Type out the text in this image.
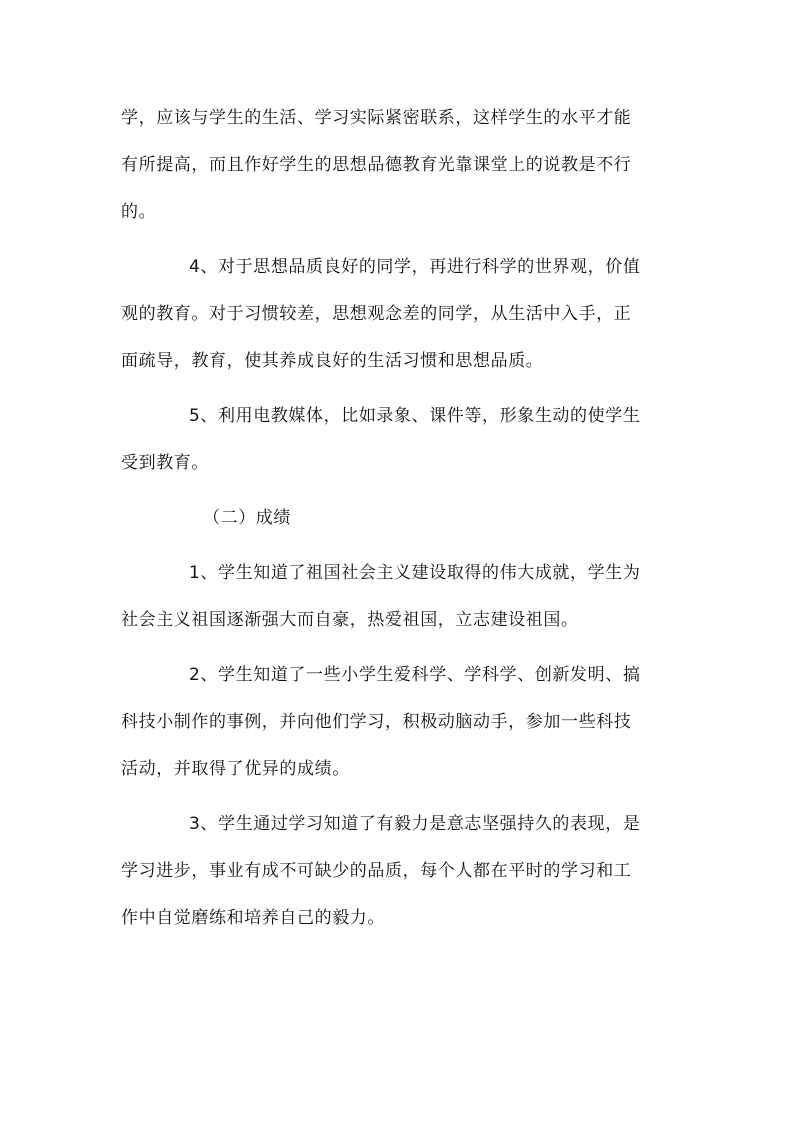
学，应该与学生的生活、学习实际紧密联系，这样学生的水平才能
有所提高，而且作好学生的思想品德教育光靠课堂上的说教是不行
的。
4、对于思想品质良好的同学，再进行科学的世界观，价值
观的教育。对于习惯较差，思想观念差的同学，从生活中入手，正
面疏导，教育，使其养成良好的生活习惯和思想品质。
5、利用电教媒体，比如录象、课件等，形象生动的使学生
受到教育。
（二）成绩
1、学生知道了祖国社会主义建设取得的伟大成就，学生为
社会主义祖国逐渐强大而自豪，热爱祖国，立志建设祖国。
2、学生知道了一些小学生爱科学、学科学、创新发明、搞
科技小制作的事例，并向他们学习，积极动脑动手，参加一些科技
活动，并取得了优异的成绩。
3、学生通过学习知道了有毅力是意志坚强持久的表现，是
学习进步，事业有成不可缺少的品质，每个人都在平时的学习和工
作中自觉磨练和培养自己的毅力。
